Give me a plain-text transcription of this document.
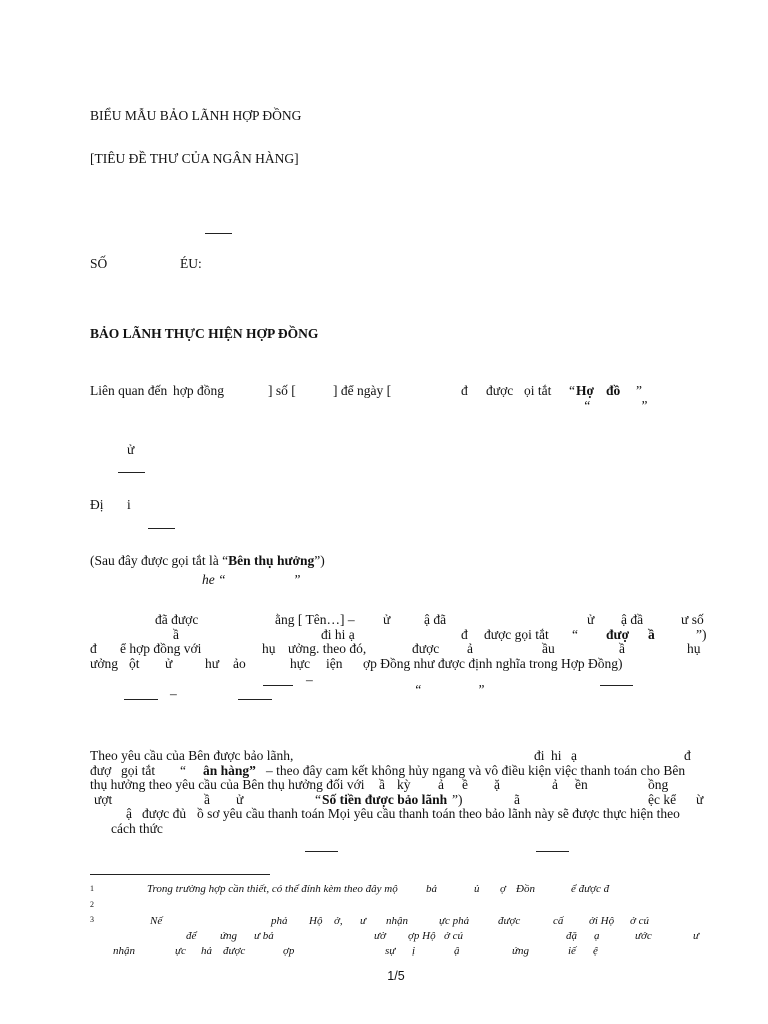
BIỂU MẪU BẢO LÃNH HỢP ĐỒNG
[TIÊU ĐỀ THƯ CỦA NGÂN HÀNG]
SỐ	ÉU:
BẢO LÃNH THỰC HIỆN HỢP ĐỒNG
Liên quan đến hợp đồng	] số [	] để ngày [	đ được ọi tắt “ Hợ đồ ”
“	”
ử
Đị i
(Sau đây được gọi tắt là “Bên thụ hưởng”)
he “	”
đã được	ằng [ Tên…] – ử ậ đã	ử ậ đầ	ư số
ầ	đi hi ạ	đ được gọi tắt “ đượ ầ	”)
đ ể hợp đồng với	hụ ưởng. theo đó,	được ả	ầu	ầ	hụ
ưởng ột ử hư ảo	hực iện ợp Đồng như được định nghĩa trong Hợp Đồng)
–
“	”
–
Theo yêu cầu của Bên được bảo lãnh,	đi hi ạ	đ
đượ gọi tắt “ ân hàng” – theo đây cam kết không hủy ngang và vô điều kiện việc thanh toán cho Bên
thụ hưởng theo yêu cầu của Bên thụ hưởng đối với ầ kỳ ả ề ặ	ả ền	ồng
ượt	ầ ử	“ Số tiền được bảo lãnh ”)	ã	ệc kể ừ
ậ được đủ ồ sơ yêu cầu thanh toán Mọi yêu cầu thanh toán theo bảo lãnh này sẽ được thực hiện theo
cách thức
1	Trong trường hợp cần thiết, có thể đính kèm theo đây mộ	bả	ủ ợ Đồn	ể được đ
2
3	Nế	phả Hộ ở, ư nhận	ực phả	được	cấ ởi Hộ ở cú
để ứng ư bả	ườ ợp Hộ ở cú	đặ ạ	ước	ư
nhận	ực hả được	ợp	sự ị	ậ	ứng	iế ệ
1/5
